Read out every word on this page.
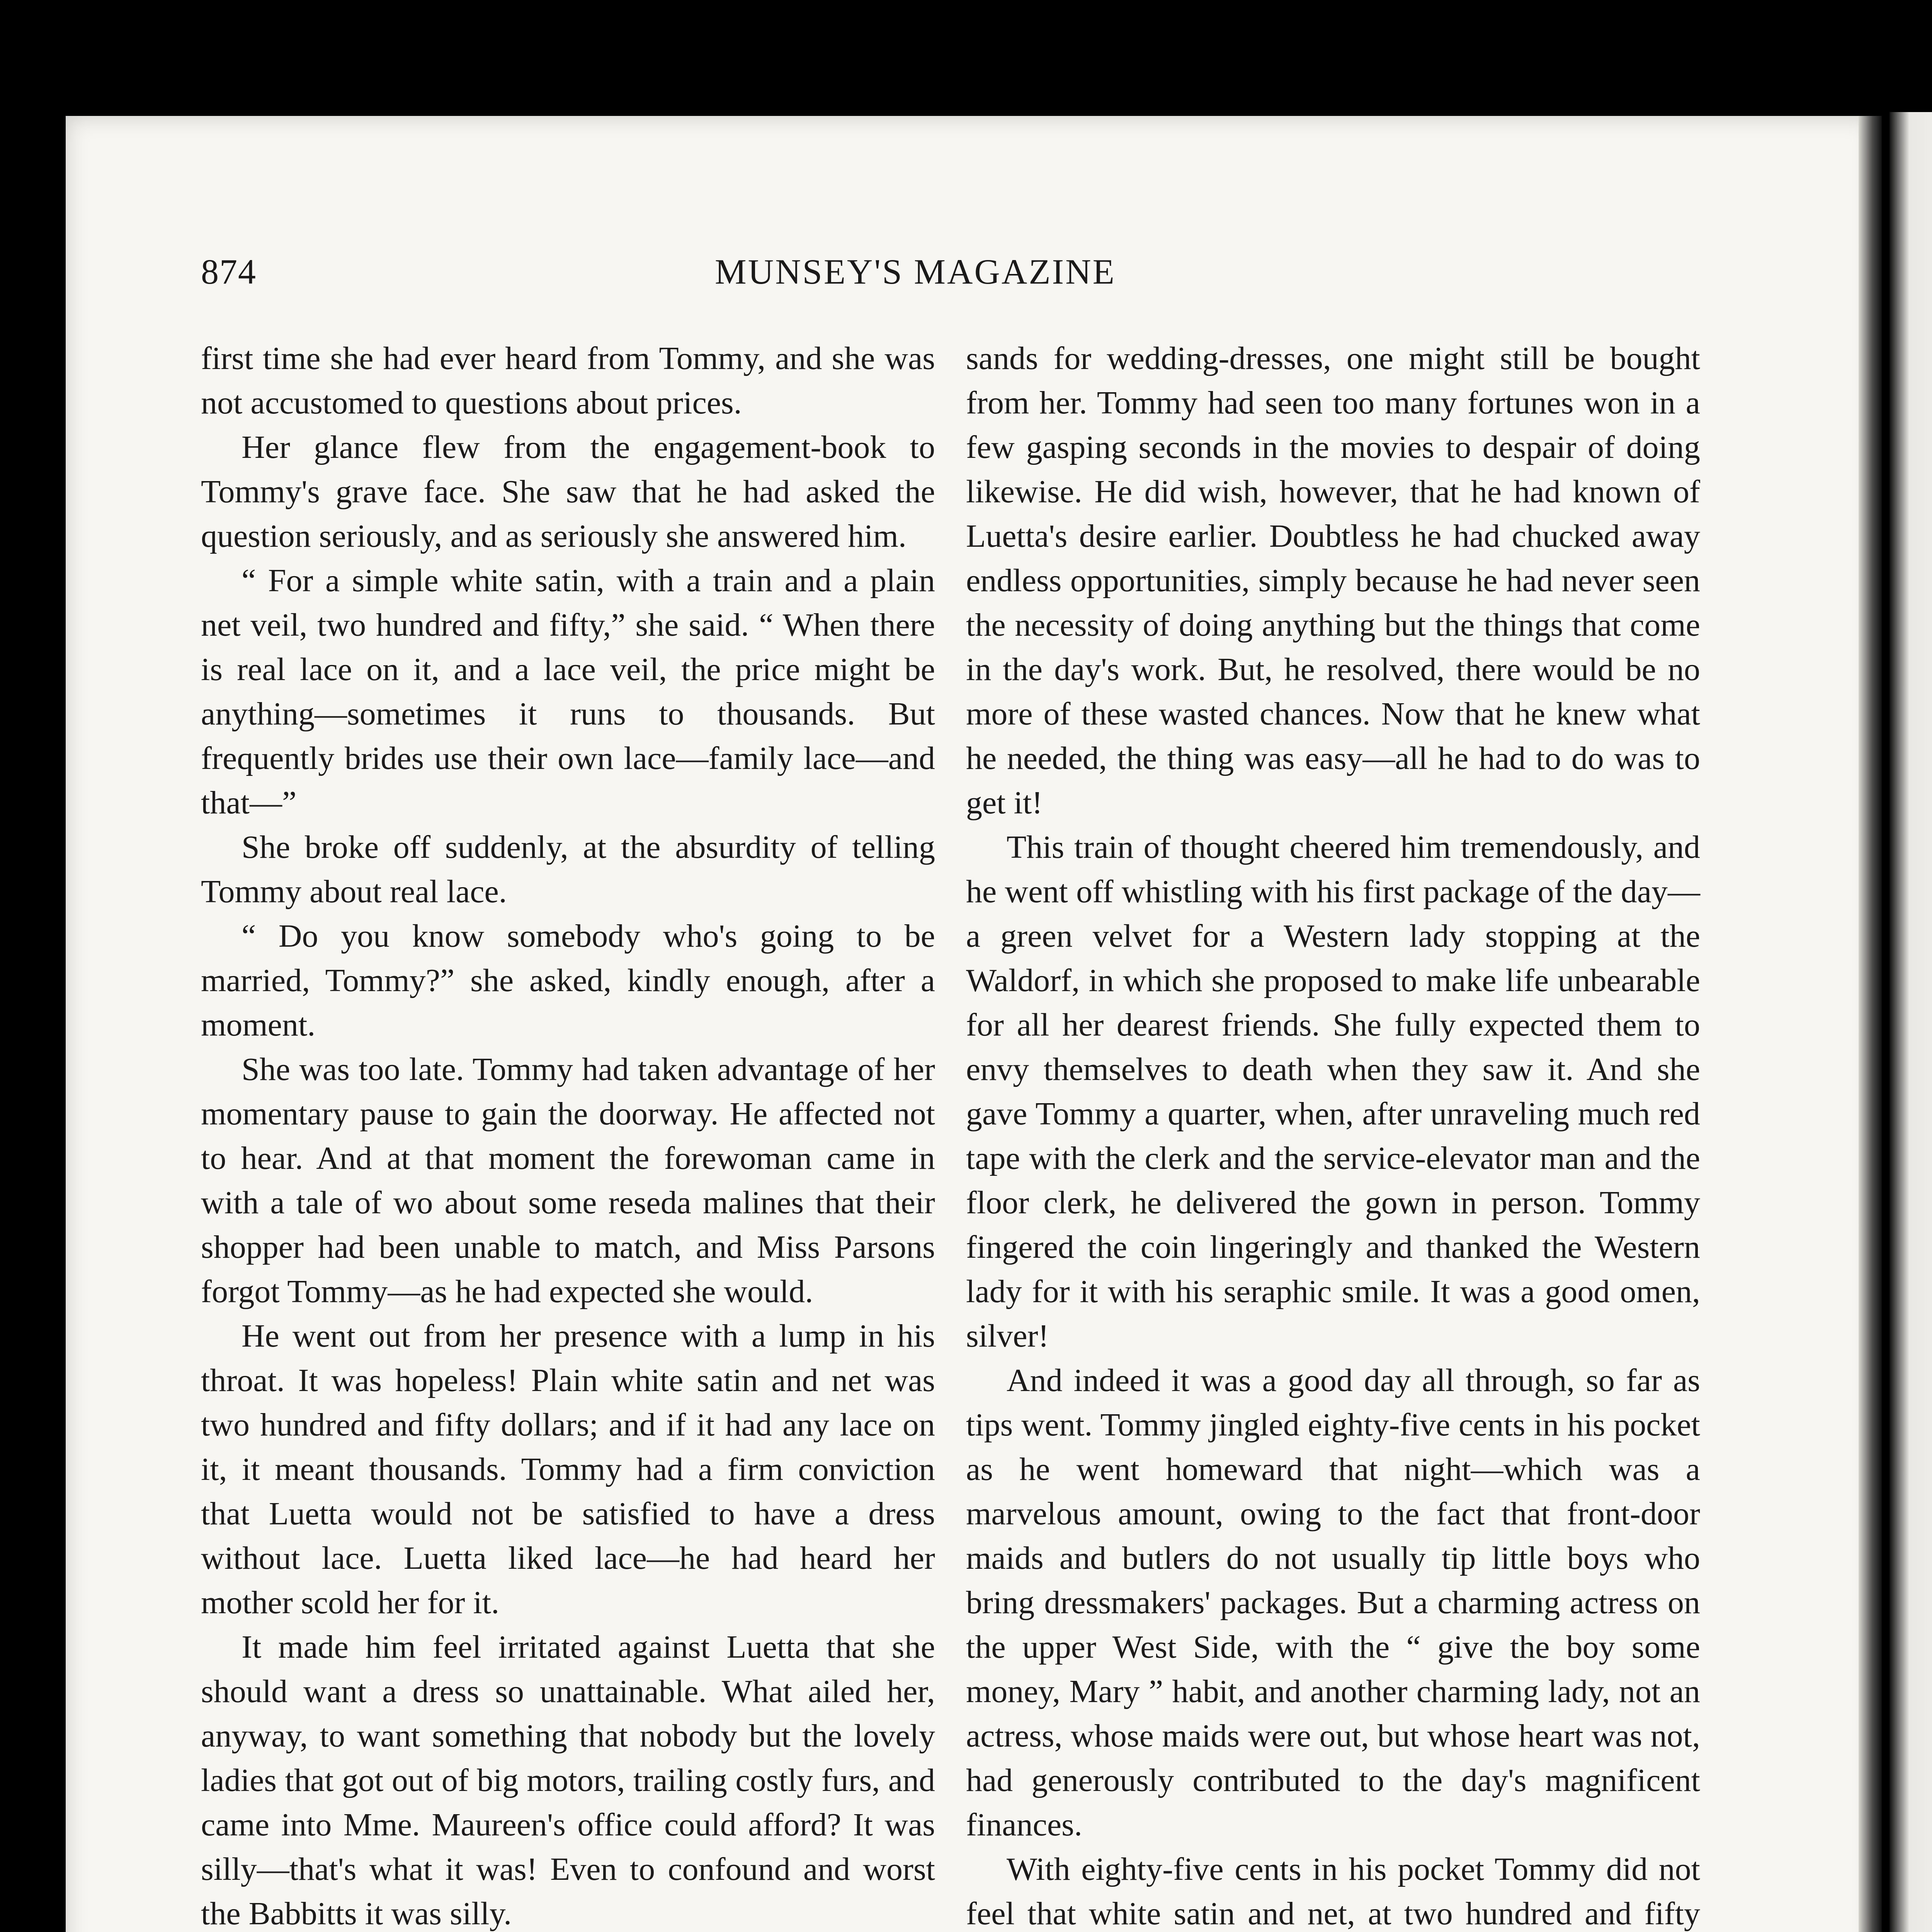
874	MUNSEY'S MAGAZINE

first time she had ever heard from Tommy, and she was not accustomed to questions about prices.

Her glance flew from the engagement-book to Tommy's grave face. She saw that he had asked the question seriously, and as seriously she answered him.

“ For a simple white satin, with a train and a plain net veil, two hundred and fifty,” she said. “ When there is real lace on it, and a lace veil, the price might be anything—sometimes it runs to thousands. But frequently brides use their own lace—family lace—and that—”

She broke off suddenly, at the absurdity of telling Tommy about real lace.

“ Do you know somebody who's going to be married, Tommy?” she asked, kindly enough, after a moment.

She was too late. Tommy had taken advantage of her momentary pause to gain the doorway. He affected not to hear. And at that moment the forewoman came in with a tale of wo about some reseda malines that their shopper had been unable to match, and Miss Parsons forgot Tommy—as he had expected she would.

He went out from her presence with a lump in his throat. It was hopeless! Plain white satin and net was two hundred and fifty dollars; and if it had any lace on it, it meant thousands. Tommy had a firm conviction that Luetta would not be satisfied to have a dress without lace. Luetta liked lace—he had heard her mother scold her for it.

It made him feel irritated against Luetta that she should want a dress so unattainable. What ailed her, anyway, to want something that nobody but the lovely ladies that got out of big motors, trailing costly furs, and came into Mme. Maureen's office could afford? It was silly—that's what it was! Even to confound and worst the Babbitts it was silly.

sands for wedding-dresses, one might still be bought from her. Tommy had seen too many fortunes won in a few gasping seconds in the movies to despair of doing likewise. He did wish, however, that he had known of Luetta's desire earlier. Doubtless he had chucked away endless opportunities, simply because he had never seen the necessity of doing anything but the things that come in the day's work. But, he resolved, there would be no more of these wasted chances. Now that he knew what he needed, the thing was easy—all he had to do was to get it!

This train of thought cheered him tremendously, and he went off whistling with his first package of the day—a green velvet for a Western lady stopping at the Waldorf, in which she proposed to make life unbearable for all her dearest friends. She fully expected them to envy themselves to death when they saw it. And she gave Tommy a quarter, when, after unraveling much red tape with the clerk and the service-elevator man and the floor clerk, he delivered the gown in person. Tommy fingered the coin lingeringly and thanked the Western lady for it with his seraphic smile. It was a good omen, silver!

And indeed it was a good day all through, so far as tips went. Tommy jingled eighty-five cents in his pocket as he went homeward that night—which was a marvelous amount, owing to the fact that front-door maids and butlers do not usually tip little boys who bring dressmakers' packages. But a charming actress on the upper West Side, with the “ give the boy some money, Mary ” habit, and another charming lady, not an actress, whose maids were out, but whose heart was not, had generously contributed to the day's magnificent finances.

With eighty-five cents in his pocket Tommy did not feel that white satin and net, at two hundred and fifty
